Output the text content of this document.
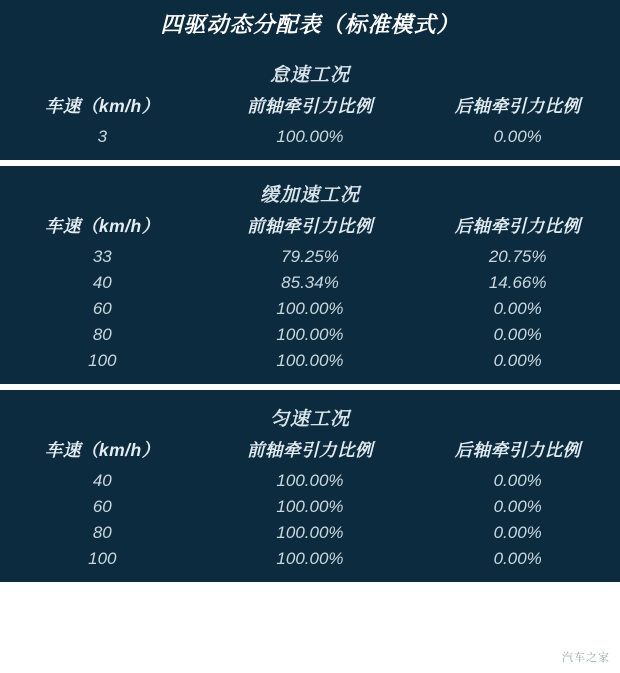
四驱动态分配表（标准模式）
怠速工况
车速（km/h）	前轴牵引力比例	后轴牵引力比例
3	100.00%	0.00%
缓加速工况
车速（km/h）	前轴牵引力比例	后轴牵引力比例
33	79.25%	20.75%
40	85.34%	14.66%
60	100.00%	0.00%
80	100.00%	0.00%
100	100.00%	0.00%
匀速工况
车速（km/h）	前轴牵引力比例	后轴牵引力比例
40	100.00%	0.00%
60	100.00%	0.00%
80	100.00%	0.00%
100	100.00%	0.00%
汽车之家
